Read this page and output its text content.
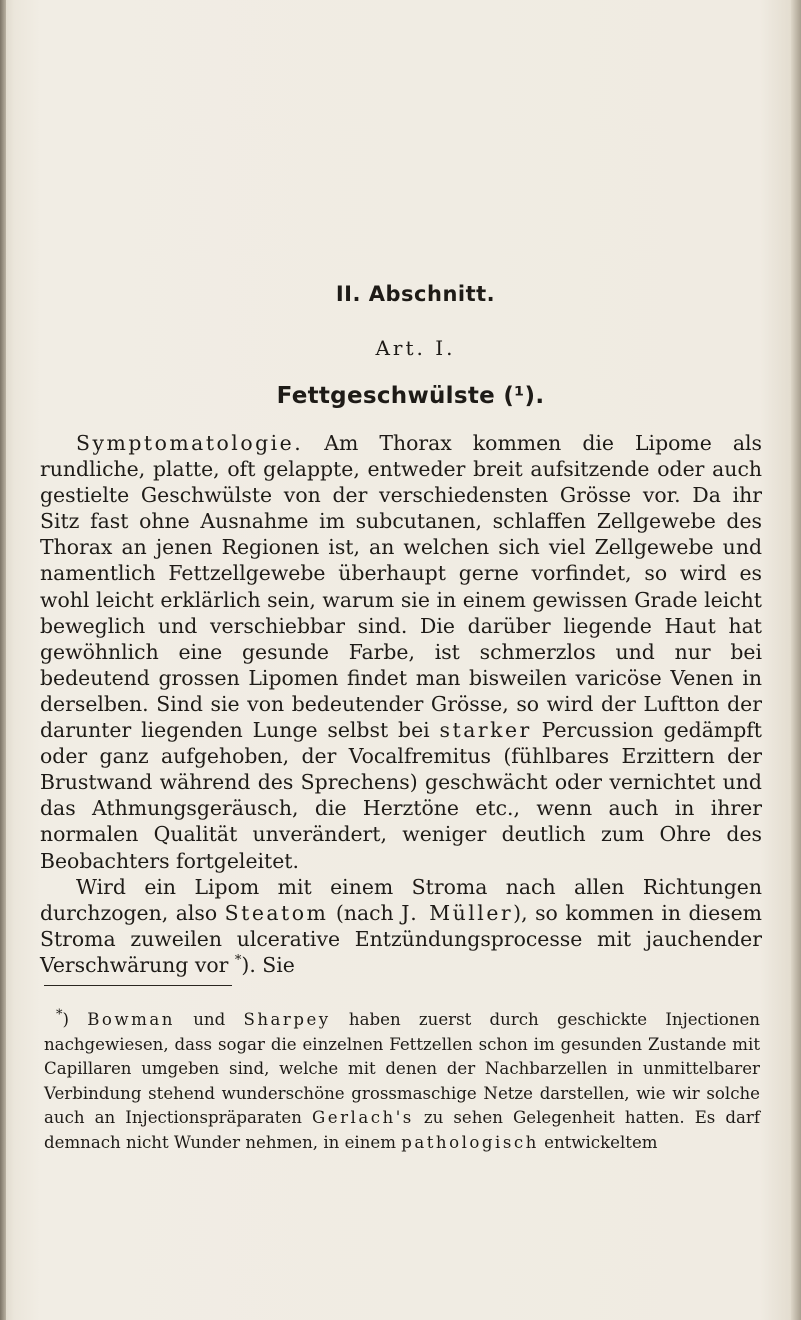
II. Abschnitt.
Art. I.
Fettgeschwülste (¹).

Symptomatologie. Am Thorax kommen die Lipome als rundliche, platte, oft gelappte, entweder breit aufsitzende oder auch gestielte Geschwülste von der verschiedensten Grösse vor. Da ihr Sitz fast ohne Ausnahme im subcutanen, schlaffen Zellgewebe des Thorax an jenen Regionen ist, an welchen sich viel Zellgewebe und namentlich Fettzellgewebe überhaupt gerne vorfindet, so wird es wohl leicht erklärlich sein, warum sie in einem gewissen Grade leicht beweglich und verschiebbar sind. Die darüber liegende Haut hat gewöhnlich eine gesunde Farbe, ist schmerzlos und nur bei bedeutend grossen Lipomen findet man bisweilen varicöse Venen in derselben. Sind sie von bedeutender Grösse, so wird der Luftton der darunter liegenden Lunge selbst bei starker Percussion gedämpft oder ganz aufgehoben, der Vocalfremitus (fühlbares Erzittern der Brustwand während des Sprechens) geschwächt oder vernichtet und das Athmungsgeräusch, die Herztöne etc., wenn auch in ihrer normalen Qualität unverändert, weniger deutlich zum Ohre des Beobachters fortgeleitet.

Wird ein Lipom mit einem Stroma nach allen Richtungen durchzogen, also Steatom (nach J. Müller), so kommen in diesem Stroma zuweilen ulcerative Entzündungsprocesse mit jauchender Verschwärung vor *). Sie

*) Bowman und Sharpey haben zuerst durch geschickte Injectionen nachgewiesen, dass sogar die einzelnen Fettzellen schon im gesunden Zustande mit Capillaren umgeben sind, welche mit denen der Nachbarzellen in unmittelbarer Verbindung stehend wunderschöne grossmaschige Netze darstellen, wie wir solche auch an Injectionspräparaten Gerlach's zu sehen Gelegenheit hatten. Es darf demnach nicht Wunder nehmen, in einem pathologisch entwickeltem
